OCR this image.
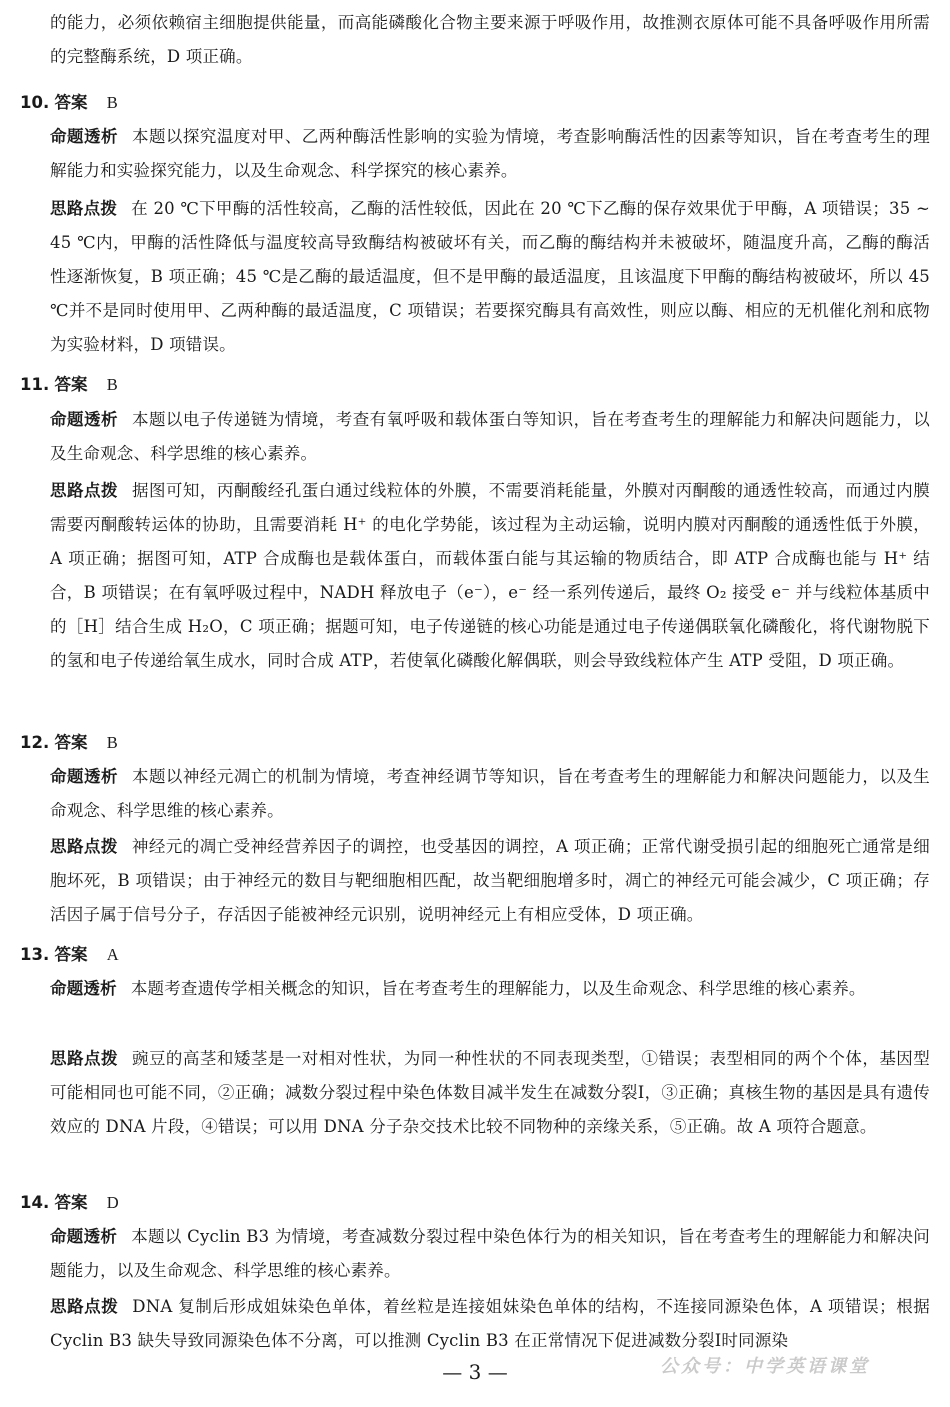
的能力，必须依赖宿主细胞提供能量，而高能磷酸化合物主要来源于呼吸作用，故推测衣原体可能不具备呼吸作用所需的完整酶系统，D 项正确。
10. 答案 B
命题透析 本题以探究温度对甲、乙两种酶活性影响的实验为情境，考查影响酶活性的因素等知识，旨在考查考生的理解能力和实验探究能力，以及生命观念、科学探究的核心素养。
思路点拨 在 20 ℃下甲酶的活性较高，乙酶的活性较低，因此在 20 ℃下乙酶的保存效果优于甲酶，A 项错误；35 ~ 45 ℃内，甲酶的活性降低与温度较高导致酶结构被破坏有关，而乙酶的酶结构并未被破坏，随温度升高，乙酶的酶活性逐渐恢复，B 项正确；45 ℃是乙酶的最适温度，但不是甲酶的最适温度，且该温度下甲酶的酶结构被破坏，所以 45 ℃并不是同时使用甲、乙两种酶的最适温度，C 项错误；若要探究酶具有高效性，则应以酶、相应的无机催化剂和底物为实验材料，D 项错误。
11. 答案 B
命题透析 本题以电子传递链为情境，考查有氧呼吸和载体蛋白等知识，旨在考查考生的理解能力和解决问题能力，以及生命观念、科学思维的核心素养。
思路点拨 据图可知，丙酮酸经孔蛋白通过线粒体的外膜，不需要消耗能量，外膜对丙酮酸的通透性较高，而通过内膜需要丙酮酸转运体的协助，且需要消耗 H⁺ 的电化学势能，该过程为主动运输，说明内膜对丙酮酸的通透性低于外膜，A 项正确；据图可知，ATP 合成酶也是载体蛋白，而载体蛋白能与其运输的物质结合，即 ATP 合成酶也能与 H⁺ 结合，B 项错误；在有氧呼吸过程中，NADH 释放电子（e⁻），e⁻ 经一系列传递后，最终 O₂ 接受 e⁻ 并与线粒体基质中的［H］结合生成 H₂O，C 项正确；据题可知，电子传递链的核心功能是通过电子传递偶联氧化磷酸化，将代谢物脱下的氢和电子传递给氧生成水，同时合成 ATP，若使氧化磷酸化解偶联，则会导致线粒体产生 ATP 受阻，D 项正确。
12. 答案 B
命题透析 本题以神经元凋亡的机制为情境，考查神经调节等知识，旨在考查考生的理解能力和解决问题能力，以及生命观念、科学思维的核心素养。
思路点拨 神经元的凋亡受神经营养因子的调控，也受基因的调控，A 项正确；正常代谢受损引起的细胞死亡通常是细胞坏死，B 项错误；由于神经元的数目与靶细胞相匹配，故当靶细胞增多时，凋亡的神经元可能会减少，C 项正确；存活因子属于信号分子，存活因子能被神经元识别，说明神经元上有相应受体，D 项正确。
13. 答案 A
命题透析 本题考查遗传学相关概念的知识，旨在考查考生的理解能力，以及生命观念、科学思维的核心素养。
思路点拨 豌豆的高茎和矮茎是一对相对性状，为同一种性状的不同表现类型，①错误；表型相同的两个个体，基因型可能相同也可能不同，②正确；减数分裂过程中染色体数目减半发生在减数分裂Ⅰ，③正确；真核生物的基因是具有遗传效应的 DNA 片段，④错误；可以用 DNA 分子杂交技术比较不同物种的亲缘关系，⑤正确。故 A 项符合题意。
14. 答案 D
命题透析 本题以 Cyclin B3 为情境，考查减数分裂过程中染色体行为的相关知识，旨在考查考生的理解能力和解决问题能力，以及生命观念、科学思维的核心素养。
思路点拨 DNA 复制后形成姐妹染色单体，着丝粒是连接姐妹染色单体的结构，不连接同源染色体，A 项错误；根据 Cyclin B3 缺失导致同源染色体不分离，可以推测 Cyclin B3 在正常情况下促进减数分裂Ⅰ时同源染
公众号：中学英语课堂
— 3 —
